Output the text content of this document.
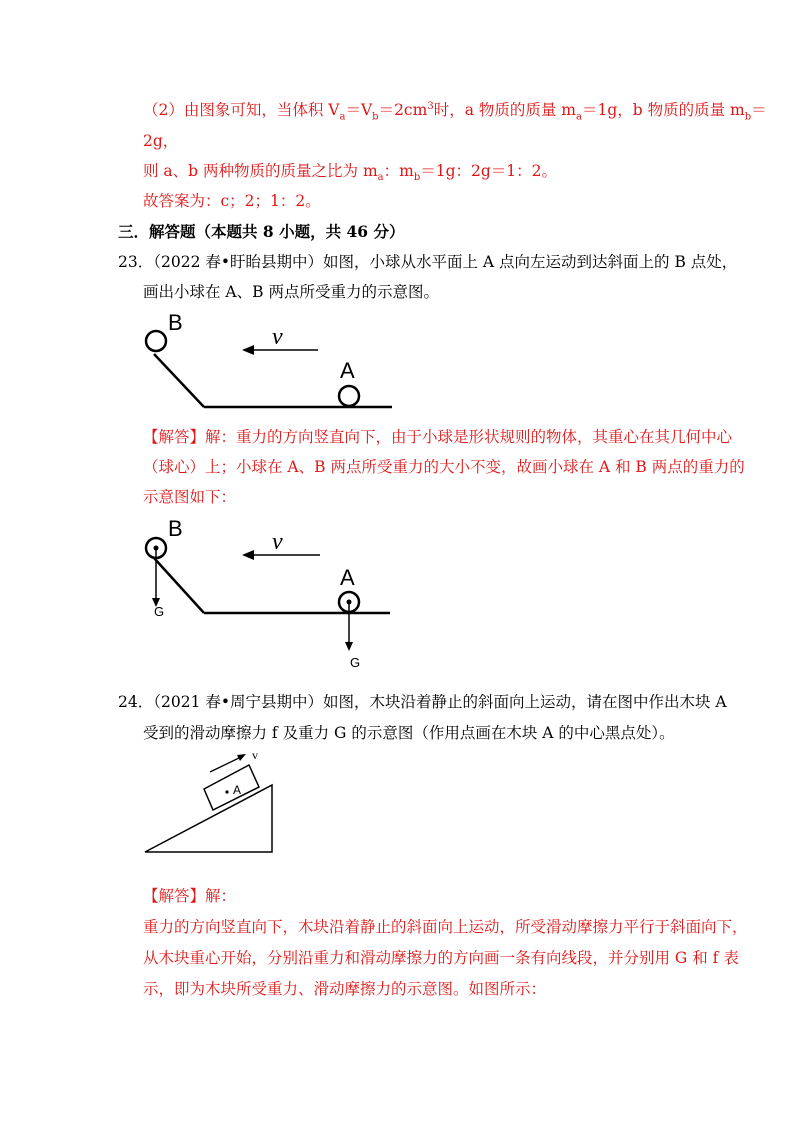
（2）由图象可知，当体积 $V_a=V_b=2cm^3$时，a 物质的质量 $m_a=1g$，b 物质的质量 $m_b=$
2g，
则 a、b 两种物质的质量之比为 $m_a$：$m_b=1g$：2g＝1：2。
故答案为：c；2；1：2。
三．解答题（本题共 8 小题，共 46 分）
23．（2022 春•盱眙县期中）如图，小球从水平面上 A 点向左运动到达斜面上的 B 点处，
画出小球在 A、B 两点所受重力的示意图。
B
A
v
【解答】解：重力的方向竖直向下，由于小球是形状规则的物体，其重心在其几何中心
（球心）上；小球在 A、B 两点所受重力的大小不变，故画小球在 A 和 B 两点的重力的
示意图如下：
B
A
v
G
G
24．（2021 春•周宁县期中）如图，木块沿着静止的斜面向上运动，请在图中作出木块 A
受到的滑动摩擦力 f 及重力 G 的示意图（作用点画在木块 A 的中心黑点处）。
A
v
【解答】解：
重力的方向竖直向下，木块沿着静止的斜面向上运动，所受滑动摩擦力平行于斜面向下，
从木块重心开始，分别沿重力和滑动摩擦力的方向画一条有向线段，并分别用 G 和 f 表
示，即为木块所受重力、滑动摩擦力的示意图。如图所示：
